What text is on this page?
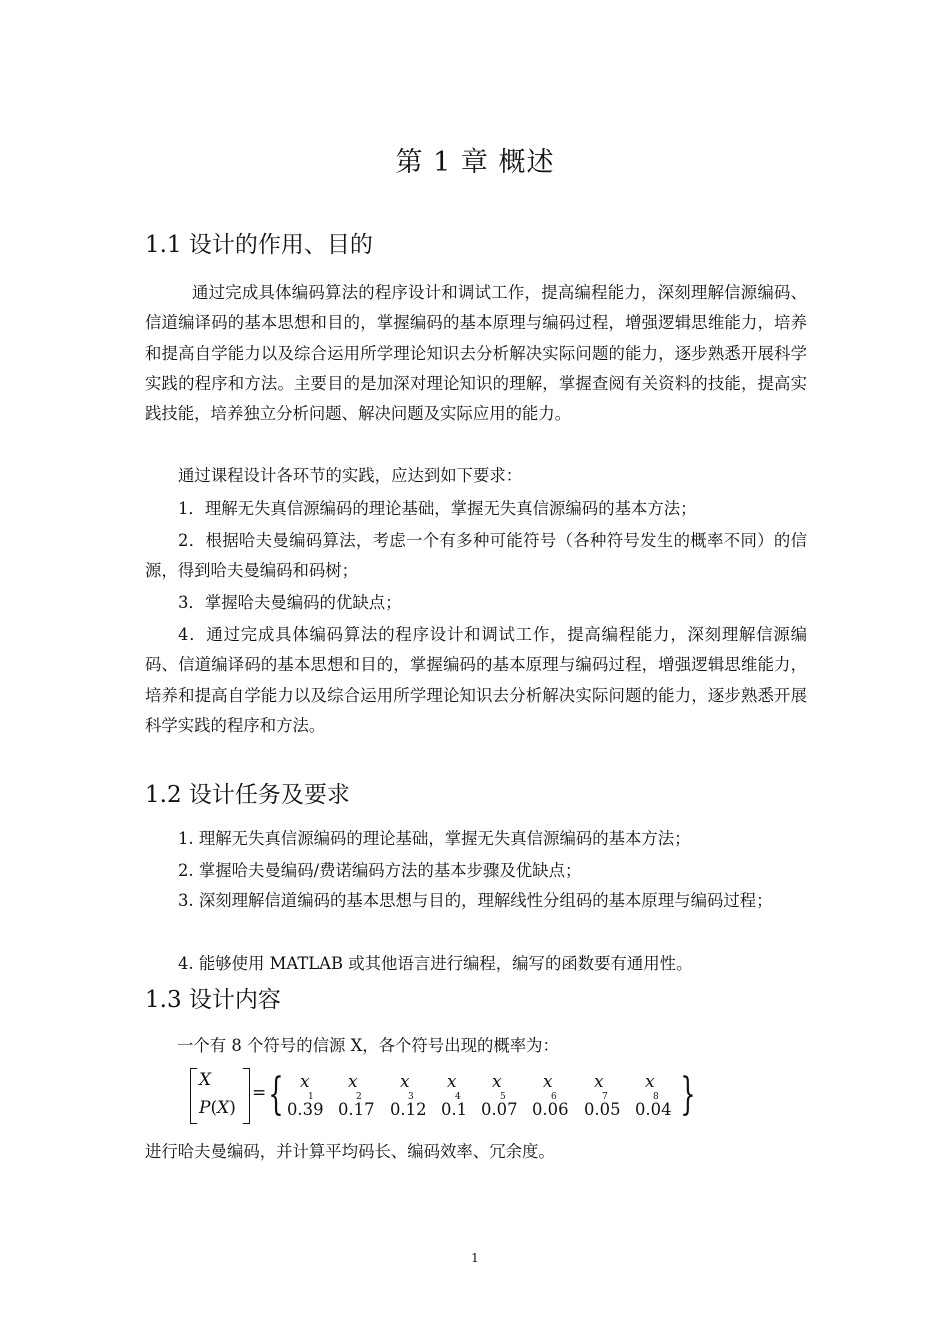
第 1 章 概述
1.1 设计的作用、目的

通过完成具体编码算法的程序设计和调试工作，提高编程能力，深刻理解信源编码、信道编译码的基本思想和目的，掌握编码的基本原理与编码过程，增强逻辑思维能力，培养和提高自学能力以及综合运用所学理论知识去分析解决实际问题的能力，逐步熟悉开展科学实践的程序和方法。主要目的是加深对理论知识的理解，掌握查阅有关资料的技能，提高实践技能，培养独立分析问题、解决问题及实际应用的能力。

通过课程设计各环节的实践，应达到如下要求：

1．理解无失真信源编码的理论基础，掌握无失真信源编码的基本方法；

2．根据哈夫曼编码算法，考虑一个有多种可能符号（各种符号发生的概率不同）的信源，得到哈夫曼编码和码树；

3．掌握哈夫曼编码的优缺点；

4．通过完成具体编码算法的程序设计和调试工作，提高编程能力，深刻理解信源编码、信道编译码的基本思想和目的，掌握编码的基本原理与编码过程，增强逻辑思维能力，培养和提高自学能力以及综合运用所学理论知识去分析解决实际问题的能力，逐步熟悉开展科学实践的程序和方法。

1.2 设计任务及要求

1. 理解无失真信源编码的理论基础，掌握无失真信源编码的基本方法；

2. 掌握哈夫曼编码/费诺编码方法的基本步骤及优缺点；

3. 深刻理解信道编码的基本思想与目的，理解线性分组码的基本原理与编码过程；

4. 能够使用 MATLAB 或其他语言进行编程，编写的函数要有通用性。

1.3 设计内容
一个有 8 个符号的信源 X，各个符号出现的概率为：
X
P(X)
= { x
1
0.39
x
2
0.17
x
3
0.12
x
4
0.1
x
5
0.07
x
6
0.06
x
7
0.05
x
8
0.04 }
进行哈夫曼编码，并计算平均码长、编码效率、冗余度。
1
